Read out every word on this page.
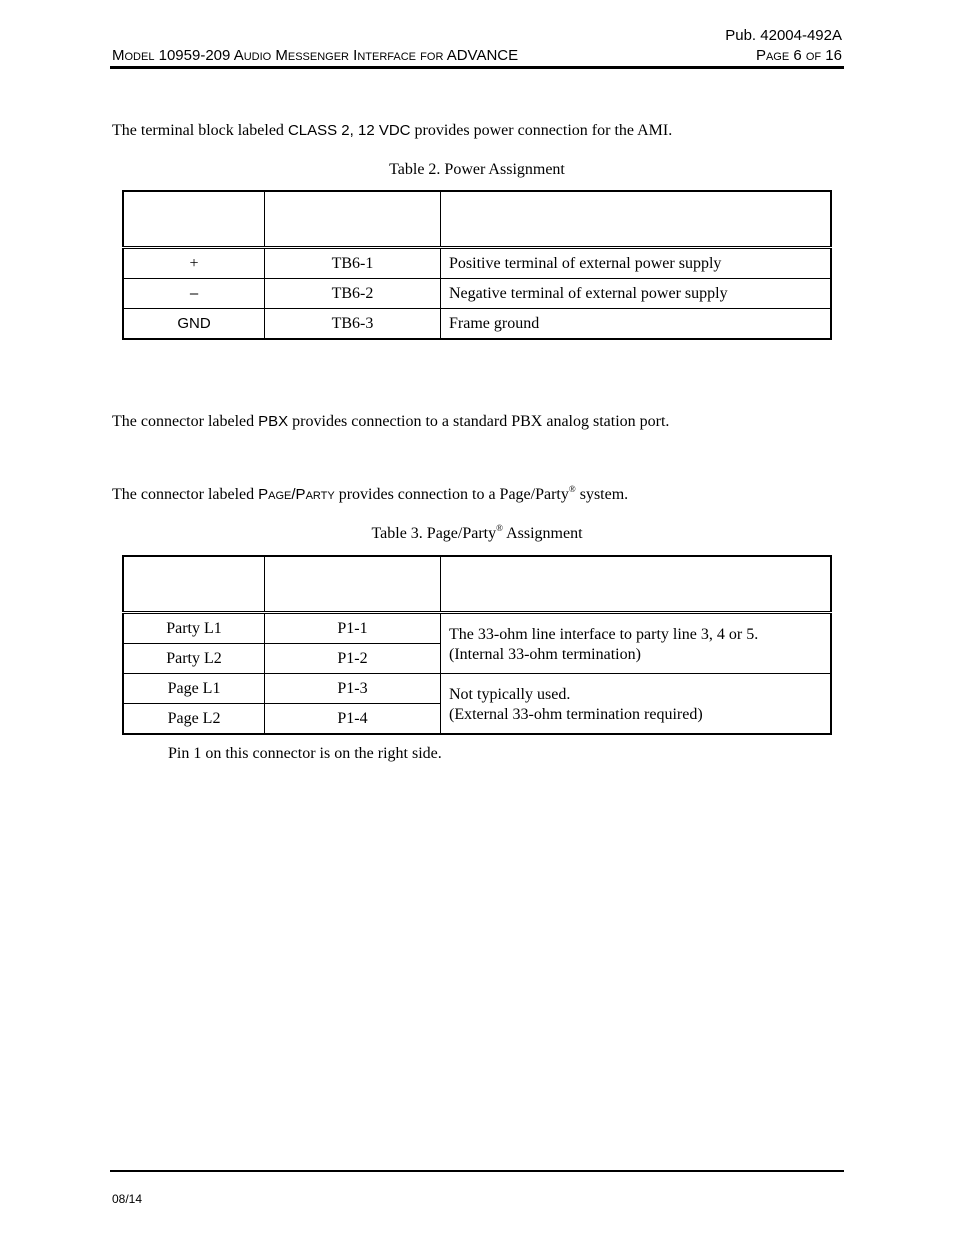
Pub. 42004-492A
Model 10959-209 Audio Messenger Interface for ADVANCE	Page 6 of 16
The terminal block labeled CLASS 2, 12 VDC provides power connection for the AMI.
Table 2. Power Assignment

+	TB6-1	Positive terminal of external power supply
–	TB6-2	Negative terminal of external power supply
GND	TB6-3	Frame ground
The connector labeled PBX provides connection to a standard PBX analog station port.
The connector labeled Page/Party provides connection to a Page/Party® system.
Table 3. Page/Party® Assignment

Party L1	P1-1	The 33-ohm line interface to party line 3, 4 or 5.
(Internal 33-ohm termination)

Party L2	P1-2	
Page L1	P1-3	Not typically used.
(External 33-ohm termination required)

Page L2	P1-4	
Pin 1 on this connector is on the right side.
08/14
